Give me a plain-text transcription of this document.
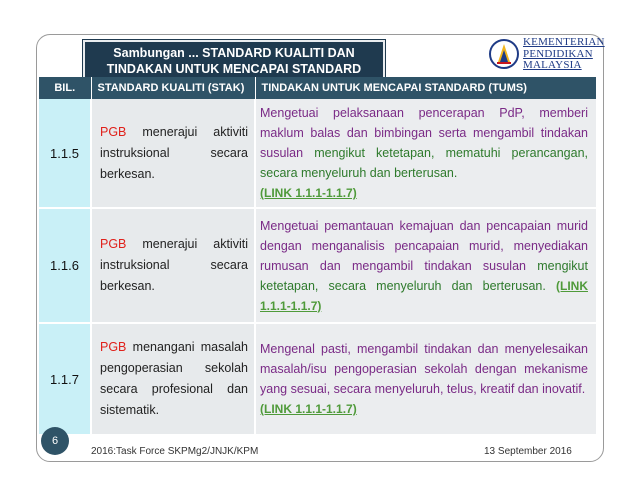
Sambungan ... STANDARD KUALITI DAN
TINDAKAN UNTUK MENCAPAI STANDARD
KEMENTERIAN
PENDIDIKAN
MALAYSIA
BIL.	STANDARD KUALITI (STAK)	TINDAKAN UNTUK MENCAPAI STANDARD (TUMS)
1.1.5	PGB menerajui aktiviti instruksional secara berkesan.	Mengetuai pelaksanaan pencerapan PdP, memberi maklum balas dan bimbingan serta mengambil tindakan susulan mengikut ketetapan, mematuhi perancangan, secara menyeluruh dan berterusan.
(LINK 1.1.1-1.1.7)
1.1.6	PGB menerajui aktiviti instruksional secara berkesan.	Mengetuai pemantauan kemajuan dan pencapaian murid dengan menganalisis pencapaian murid, menyediakan rumusan dan mengambil tindakan susulan mengikut ketetapan, secara menyeluruh dan berterusan. (LINK 1.1.1-1.1.7)
1.1.7	PGB menangani masalah pengoperasian sekolah secara profesional dan sistematik.	Mengenal pasti, mengambil tindakan dan menyelesaikan masalah/isu pengoperasian sekolah dengan mekanisme yang sesuai, secara menyeluruh, telus, kreatif dan inovatif.
(LINK 1.1.1-1.1.7)
6
2016:Task Force SKPMg2/JNJK/KPM	13 September 2016
